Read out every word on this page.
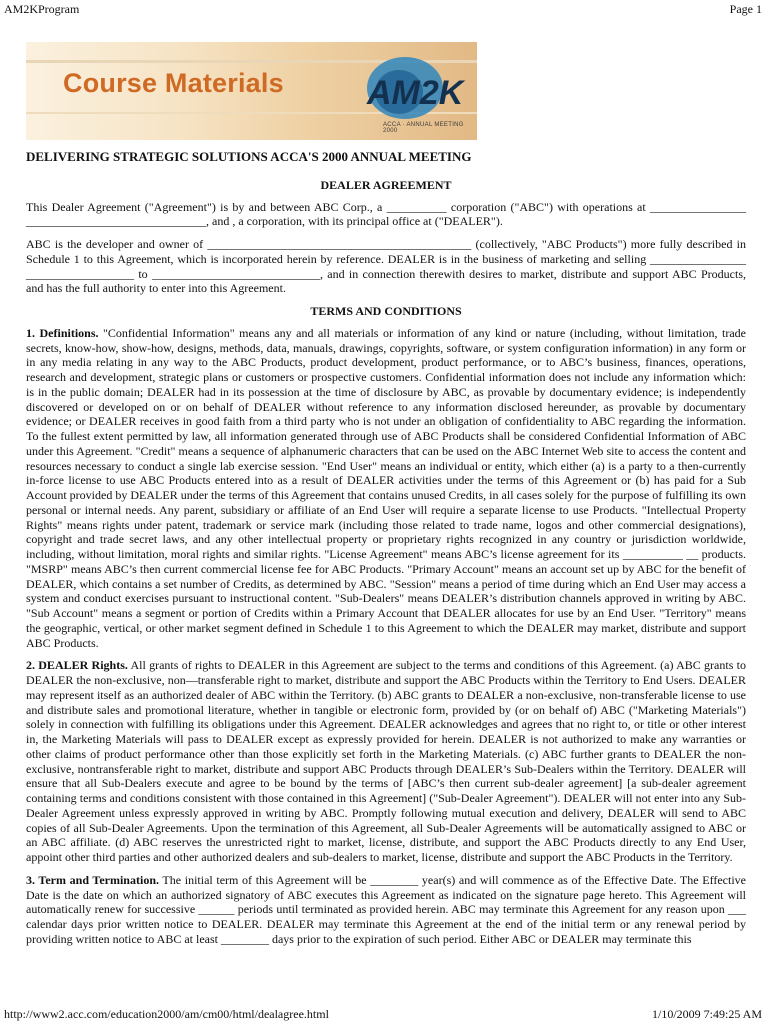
AM2KProgram	Page 1
Course Materials AM2K
ACCA · ANNUAL MEETING 2000
DELIVERING STRATEGIC SOLUTIONS ACCA'S 2000 ANNUAL MEETING
DEALER AGREEMENT

This Dealer Agreement ("Agreement") is by and between ABC Corp., a __________ corporation ("ABC") with operations at ________________ ______________________________, and , a corporation, with its principal office at ("DEALER").

ABC is the developer and owner of ____________________________________________ (collectively, "ABC Products") more fully described in Schedule 1 to this Agreement, which is incorporated herein by reference. DEALER is in the business of marketing and selling ________________ __________________ to ____________________________, and in connection therewith desires to market, distribute and support ABC Products, and has the full authority to enter into this Agreement.

TERMS AND CONDITIONS

1. Definitions. "Confidential Information" means any and all materials or information of any kind or nature (including, without limitation, trade secrets, know-how, show-how, designs, methods, data, manuals, drawings, copyrights, software, or system configuration information) in any form or in any media relating in any way to the ABC Products, product development, product performance, or to ABC’s business, finances, operations, research and development, strategic plans or customers or prospective customers. Confidential information does not include any information which: is in the public domain; DEALER had in its possession at the time of disclosure by ABC, as provable by documentary evidence; is independently discovered or developed on or on behalf of DEALER without reference to any information disclosed hereunder, as provable by documentary evidence; or DEALER receives in good faith from a third party who is not under an obligation of confidentiality to ABC regarding the information. To the fullest extent permitted by law, all information generated through use of ABC Products shall be considered Confidential Information of ABC under this Agreement. "Credit" means a sequence of alphanumeric characters that can be used on the ABC Internet Web site to access the content and resources necessary to conduct a single lab exercise session. "End User" means an individual or entity, which either (a) is a party to a then-currently in-force license to use ABC Products entered into as a result of DEALER activities under the terms of this Agreement or (b) has paid for a Sub Account provided by DEALER under the terms of this Agreement that contains unused Credits, in all cases solely for the purpose of fulfilling its own personal or internal needs. Any parent, subsidiary or affiliate of an End User will require a separate license to use Products. "Intellectual Property Rights" means rights under patent, trademark or service mark (including those related to trade name, logos and other commercial designations), copyright and trade secret laws, and any other intellectual property or proprietary rights recognized in any country or jurisdiction worldwide, including, without limitation, moral rights and similar rights. "License Agreement" means ABC’s license agreement for its __________ __ products. "MSRP" means ABC’s then current commercial license fee for ABC Products. "Primary Account" means an account set up by ABC for the benefit of DEALER, which contains a set number of Credits, as determined by ABC. "Session" means a period of time during which an End User may access a system and conduct exercises pursuant to instructional content. "Sub-Dealers" means DEALER’s distribution channels approved in writing by ABC. "Sub Account" means a segment or portion of Credits within a Primary Account that DEALER allocates for use by an End User. "Territory" means the geographic, vertical, or other market segment defined in Schedule 1 to this Agreement to which the DEALER may market, distribute and support ABC Products.

2. DEALER Rights. All grants of rights to DEALER in this Agreement are subject to the terms and conditions of this Agreement. (a) ABC grants to DEALER the non-exclusive, non—transferable right to market, distribute and support the ABC Products within the Territory to End Users. DEALER may represent itself as an authorized dealer of ABC within the Territory. (b) ABC grants to DEALER a non-exclusive, non-transferable license to use and distribute sales and promotional literature, whether in tangible or electronic form, provided by (or on behalf of) ABC ("Marketing Materials") solely in connection with fulfilling its obligations under this Agreement. DEALER acknowledges and agrees that no right to, or title or other interest in, the Marketing Materials will pass to DEALER except as expressly provided for herein. DEALER is not authorized to make any warranties or other claims of product performance other than those explicitly set forth in the Marketing Materials. (c) ABC further grants to DEALER the non-exclusive, nontransferable right to market, distribute and support ABC Products through DEALER’s Sub-Dealers within the Territory. DEALER will ensure that all Sub-Dealers execute and agree to be bound by the terms of [ABC’s then current sub-dealer agreement] [a sub-dealer agreement containing terms and conditions consistent with those contained in this Agreement] ("Sub-Dealer Agreement"). DEALER will not enter into any Sub-Dealer Agreement unless expressly approved in writing by ABC. Promptly following mutual execution and delivery, DEALER will send to ABC copies of all Sub-Dealer Agreements. Upon the termination of this Agreement, all Sub-Dealer Agreements will be automatically assigned to ABC or an ABC affiliate. (d) ABC reserves the unrestricted right to market, license, distribute, and support the ABC Products directly to any End User, appoint other third parties and other authorized dealers and sub-dealers to market, license, distribute and support the ABC Products in the Territory.

3. Term and Termination. The initial term of this Agreement will be ________ year(s) and will commence as of the Effective Date. The Effective Date is the date on which an authorized signatory of ABC executes this Agreement as indicated on the signature page hereto. This Agreement will automatically renew for successive ______ periods until terminated as provided herein. ABC may terminate this Agreement for any reason upon ___ calendar days prior written notice to DEALER. DEALER may terminate this Agreement at the end of the initial term or any renewal period by providing written notice to ABC at least ________ days prior to the expiration of such period. Either ABC or DEALER may terminate this

http://www2.acc.com/education2000/am/cm00/html/dealagree.html	1/10/2009 7:49:25 AM
